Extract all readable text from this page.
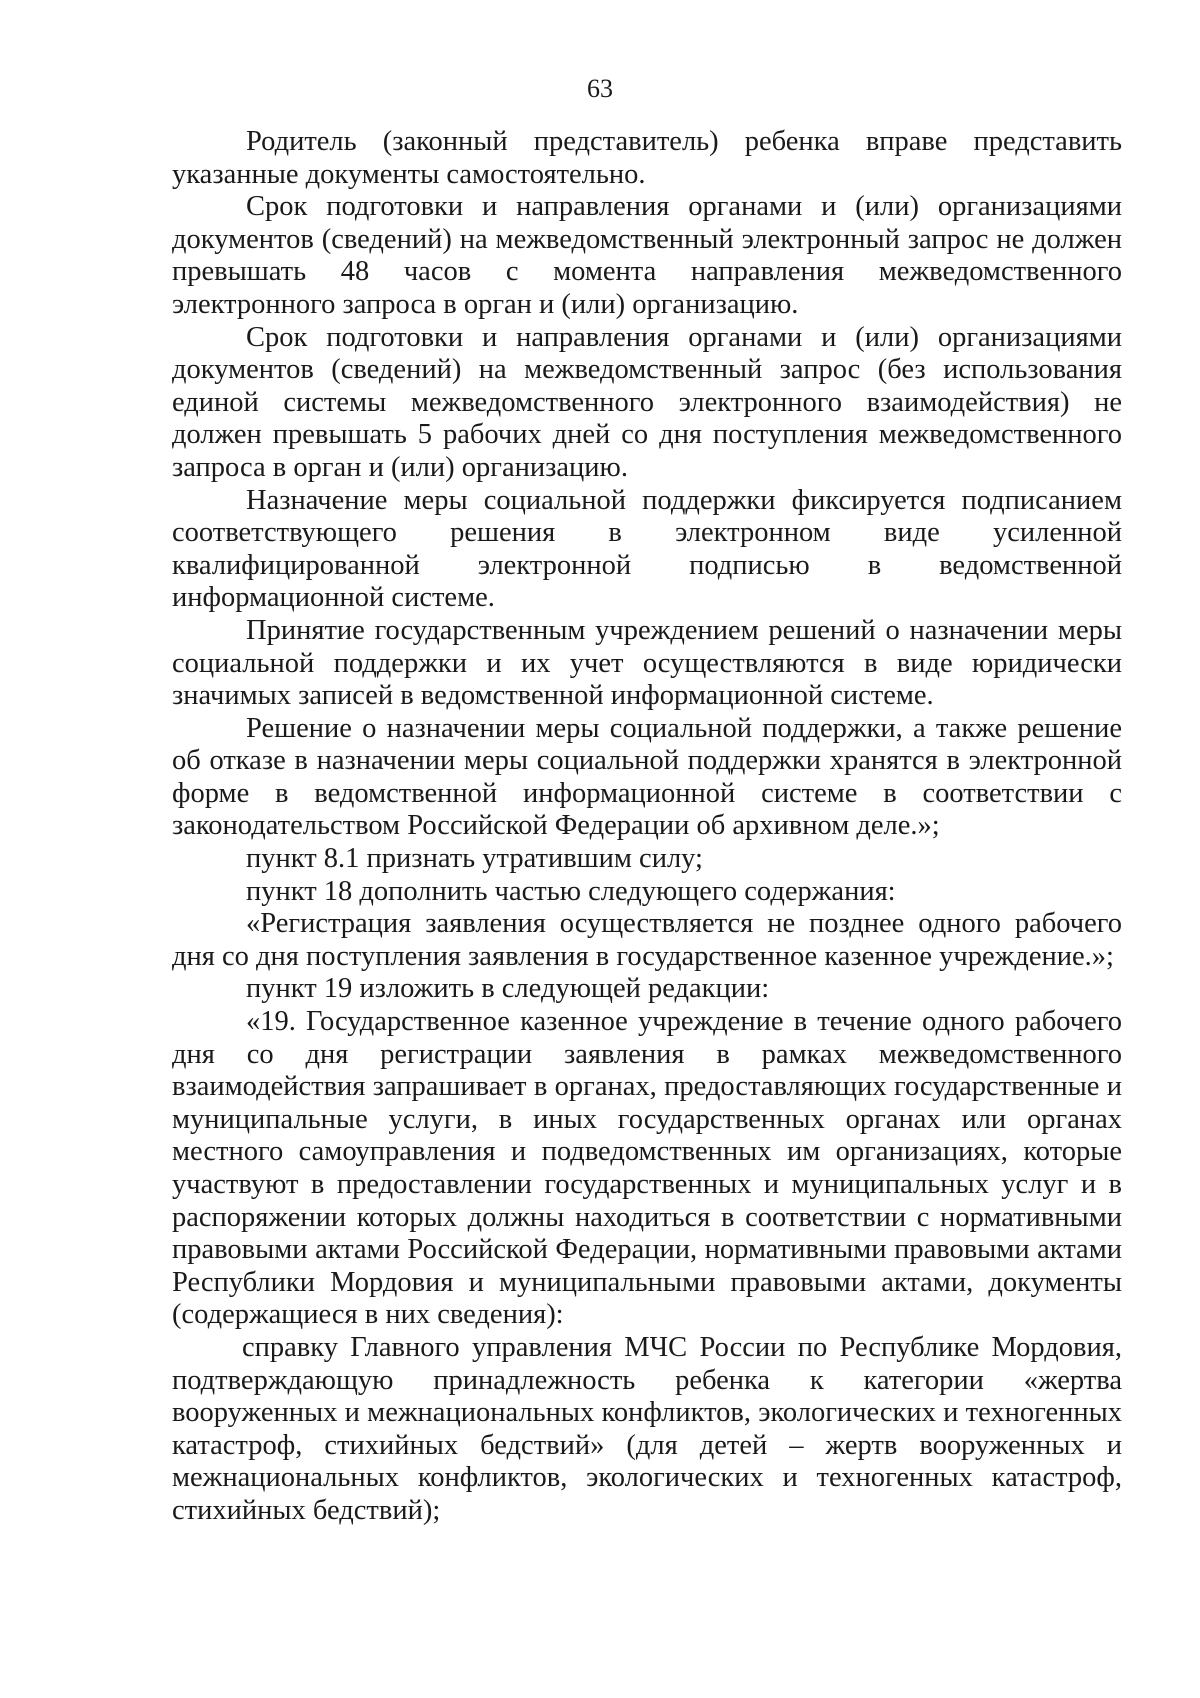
63

Родитель (законный представитель) ребенка вправе представить указанные документы самостоятельно.

Срок подготовки и направления органами и (или) организациями документов (сведений) на межведомственный электронный запрос не должен превышать 48 часов с момента направления межведомственного электронного запроса в орган и (или) организацию.

Срок подготовки и направления органами и (или) организациями документов (сведений) на межведомственный запрос (без использования единой системы межведомственного электронного взаимодействия) не должен превышать 5 рабочих дней со дня поступления межведомственного запроса в орган и (или) организацию.

Назначение меры социальной поддержки фиксируется подписанием соответствующего решения в электронном виде усиленной квалифицированной электронной подписью в ведомственной информационной системе.

Принятие государственным учреждением решений о назначении меры социальной поддержки и их учет осуществляются в виде юридически значимых записей в ведомственной информационной системе.

Решение о назначении меры социальной поддержки, а также решение об отказе в назначении меры социальной поддержки хранятся в электронной форме в ведомственной информационной системе в соответствии с законодательством Российской Федерации об архивном деле.»;

пункт 8.1 признать утратившим силу;

пункт 18 дополнить частью следующего содержания:

«Регистрация заявления осуществляется не позднее одного рабочего дня со дня поступления заявления в государственное казенное учреждение.»;

пункт 19 изложить в следующей редакции:

«19. Государственное казенное учреждение в течение одного рабочего дня со дня регистрации заявления в рамках межведомственного взаимодействия запрашивает в органах, предоставляющих государственные и муниципальные услуги, в иных государственных органах или органах местного самоуправления и подведомственных им организациях, которые участвуют в предоставлении государственных и муниципальных услуг и в распоряжении которых должны находиться в соответствии с нормативными правовыми актами Российской Федерации, нормативными правовыми актами Республики Мордовия и муниципальными правовыми актами, документы (содержащиеся в них сведения):

справку Главного управления МЧС России по Республике Мордовия, подтверждающую принадлежность ребенка к категории «жертва вооруженных и межнациональных конфликтов, экологических и техногенных катастроф, стихийных бедствий» (для детей – жертв вооруженных и межнациональных конфликтов, экологических и техногенных катастроф, стихийных бедствий);
